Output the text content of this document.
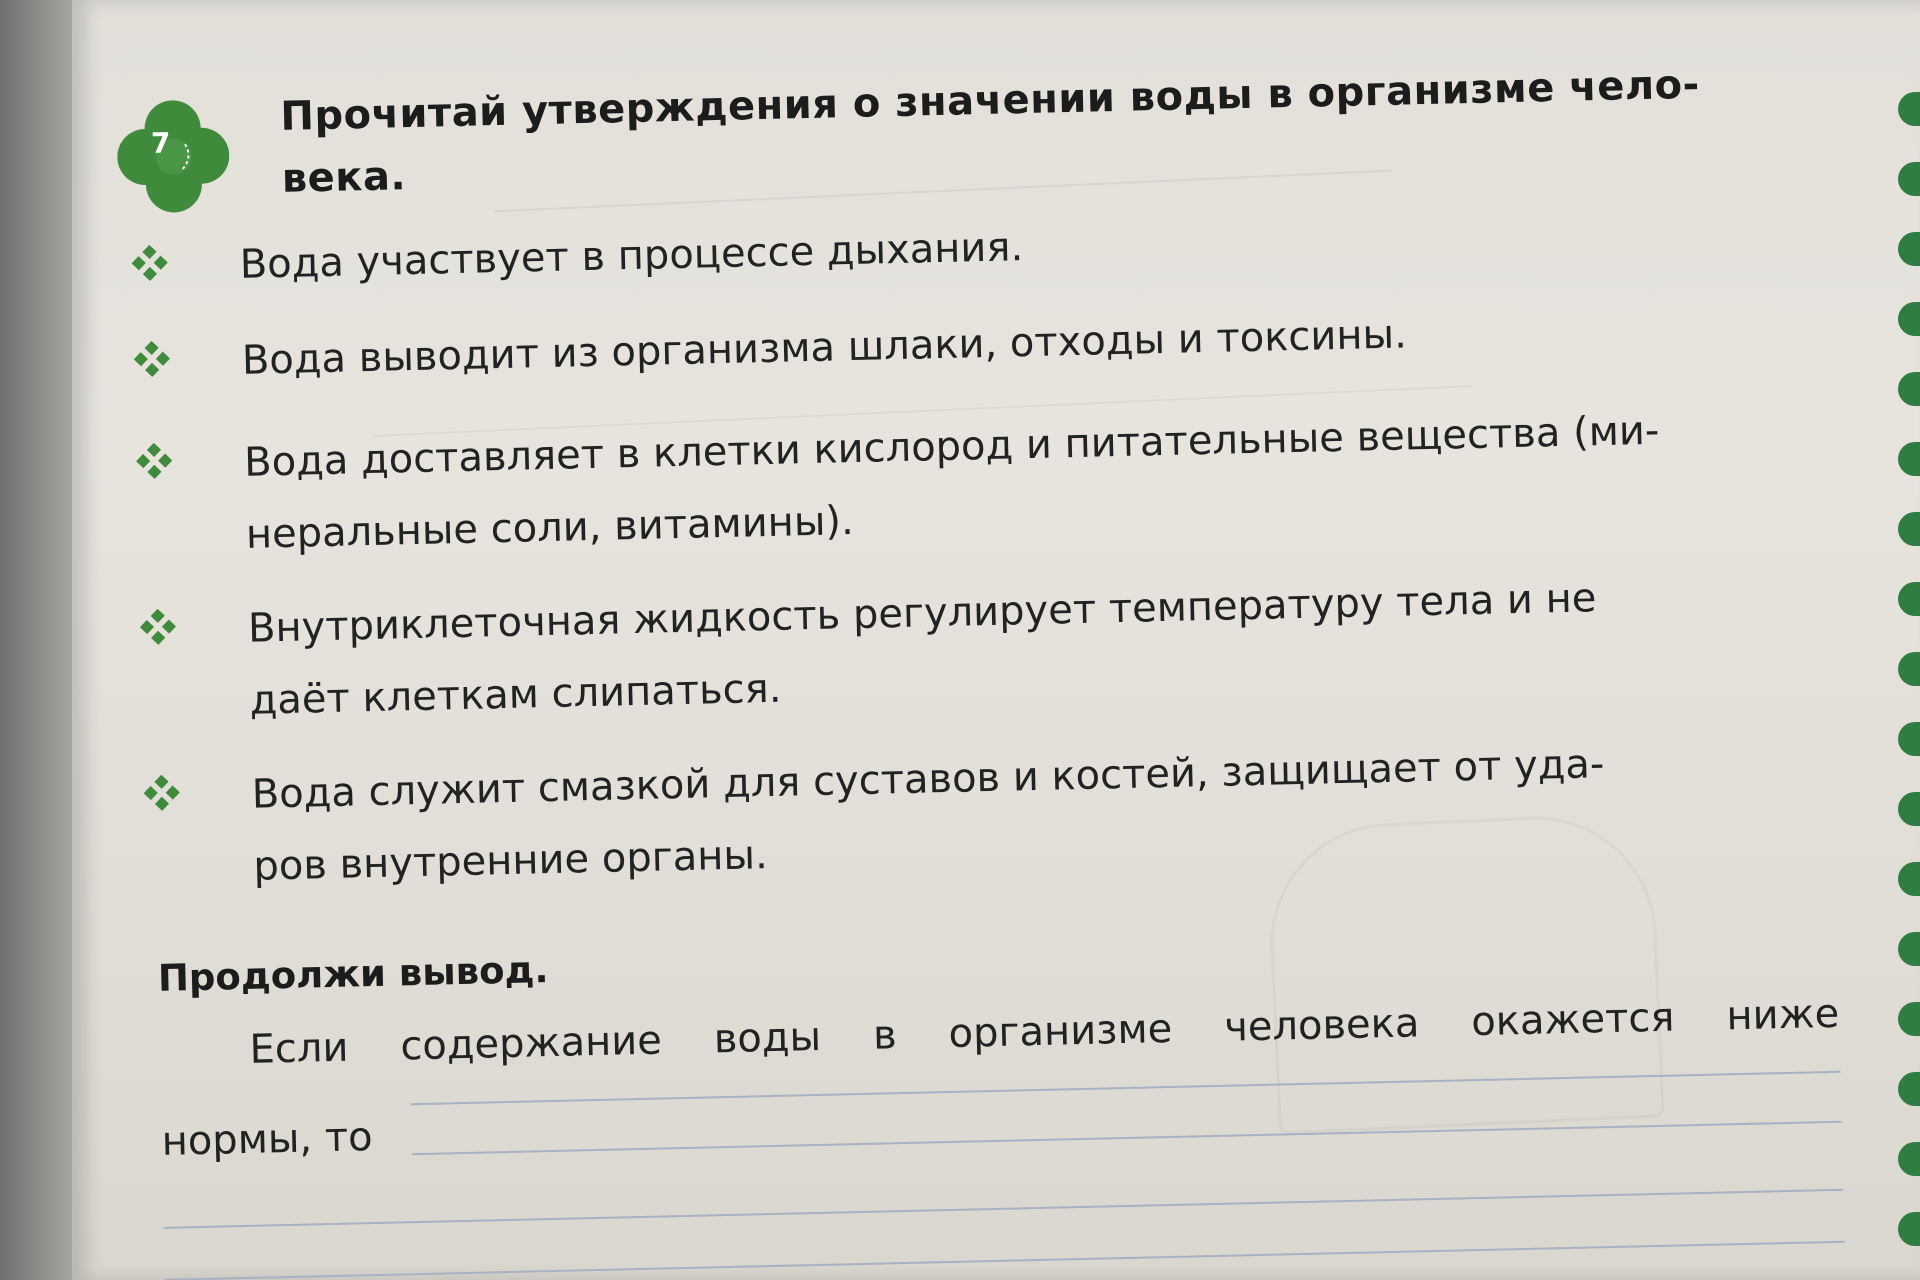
7
Прочитай утверждения о значении воды в организме чело-
века.
Вода участвует в процессе дыхания.
Вода выводит из организма шлаки, отходы и токсины.
Вода доставляет в клетки кислород и питательные вещества (ми-
неральные соли, витамины).
Внутриклеточная жидкость регулирует температуру тела и не
даёт клеткам слипаться.
Вода служит смазкой для суставов и костей, защищает от уда-
ров внутренние органы.
Продолжи вывод.
Если содержание воды в организме человека окажется ниже
нормы, то
